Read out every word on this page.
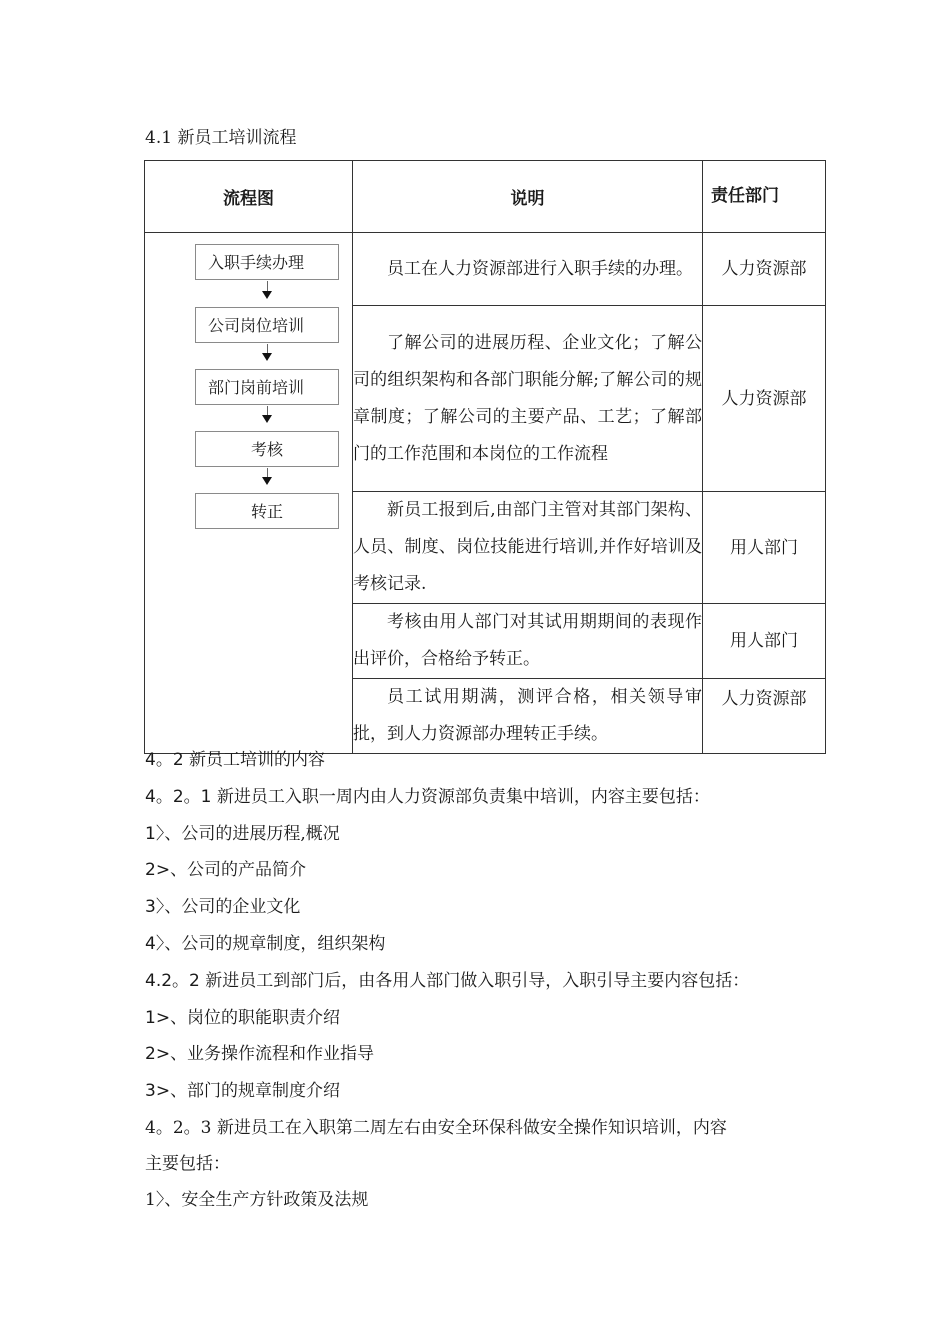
4.1 新员工培训流程
流程图	说明	责任部门

入职手续办理
公司岗位培训
部门岗前培训
考核
转正	员工在人力资源部进行入职手续的办理。	人力资源部
	了解公司的进展历程、企业文化；了解公司的组织架构和各部门职能分解;了解公司的规章制度；了解公司的主要产品、工艺；了解部门的工作范围和本岗位的工作流程	人力资源部
	新员工报到后,由部门主管对其部门架构、人员、制度、岗位技能进行培训,并作好培训及考核记录.	用人部门
	考核由用人部门对其试用期期间的表现作出评价，合格给予转正。	用人部门
	员工试用期满，测评合格，相关领导审批，到人力资源部办理转正手续。	人力资源部
4。2 新员工培训的内容
4。2。1 新进员工入职一周内由人力资源部负责集中培训，内容主要包括：
1〉、公司的进展历程,概况
2>、公司的产品简介
3〉、公司的企业文化
4〉、公司的规章制度，组织架构
4.2。2 新进员工到部门后，由各用人部门做入职引导，入职引导主要内容包括：
1>、岗位的职能职责介绍
2>、业务操作流程和作业指导
3>、部门的规章制度介绍
4。2。3 新进员工在入职第二周左右由安全环保科做安全操作知识培训，内容
主要包括：
1〉、安全生产方针政策及法规
